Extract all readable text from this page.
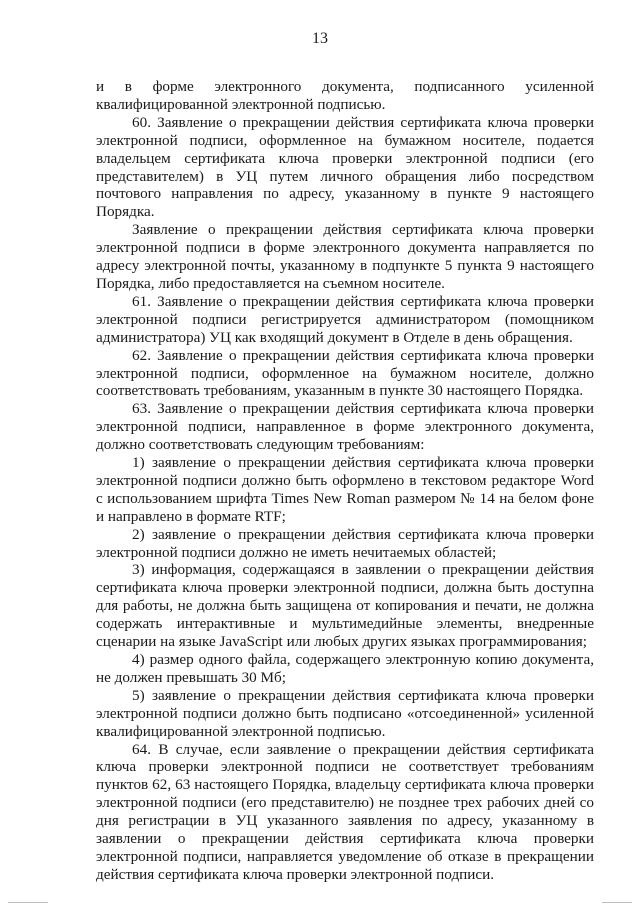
13

и в форме электронного документа, подписанного усиленной квалифицированной электронной подписью.

60. Заявление о прекращении действия сертификата ключа проверки электронной подписи, оформленное на бумажном носителе, подается владельцем сертификата ключа проверки электронной подписи (его представителем) в УЦ путем личного обращения либо посредством почтового направления по адресу, указанному в пункте 9 настоящего Порядка.

Заявление о прекращении действия сертификата ключа проверки электронной подписи в форме электронного документа направляется по адресу электронной почты, указанному в подпункте 5 пункта 9 настоящего Порядка, либо предоставляется на съемном носителе.

61. Заявление о прекращении действия сертификата ключа проверки электронной подписи регистрируется администратором (помощником администратора) УЦ как входящий документ в Отделе в день обращения.

62. Заявление о прекращении действия сертификата ключа проверки электронной подписи, оформленное на бумажном носителе, должно соответствовать требованиям, указанным в пункте 30 настоящего Порядка.

63. Заявление о прекращении действия сертификата ключа проверки электронной подписи, направленное в форме электронного документа, должно соответствовать следующим требованиям:

1) заявление о прекращении действия сертификата ключа проверки электронной подписи должно быть оформлено в текстовом редакторе Word с использованием шрифта Times New Roman размером № 14 на белом фоне и направлено в формате RTF;

2) заявление о прекращении действия сертификата ключа проверки электронной подписи должно не иметь нечитаемых областей;

3) информация, содержащаяся в заявлении о прекращении действия сертификата ключа проверки электронной подписи, должна быть доступна для работы, не должна быть защищена от копирования и печати, не должна содержать интерактивные и мультимедийные элементы, внедренные сценарии на языке JavaScript или любых других языках программирования;

4) размер одного файла, содержащего электронную копию документа, не должен превышать 30 Мб;

5) заявление о прекращении действия сертификата ключа проверки электронной подписи должно быть подписано «отсоединенной» усиленной квалифицированной электронной подписью.

64. В случае, если заявление о прекращении действия сертификата ключа проверки электронной подписи не соответствует требованиям пунктов 62, 63 настоящего Порядка, владельцу сертификата ключа проверки электронной подписи (его представителю) не позднее трех рабочих дней со дня регистрации в УЦ указанного заявления по адресу, указанному в заявлении о прекращении действия сертификата ключа проверки электронной подписи, направляется уведомление об отказе в прекращении действия сертификата ключа проверки электронной подписи.
